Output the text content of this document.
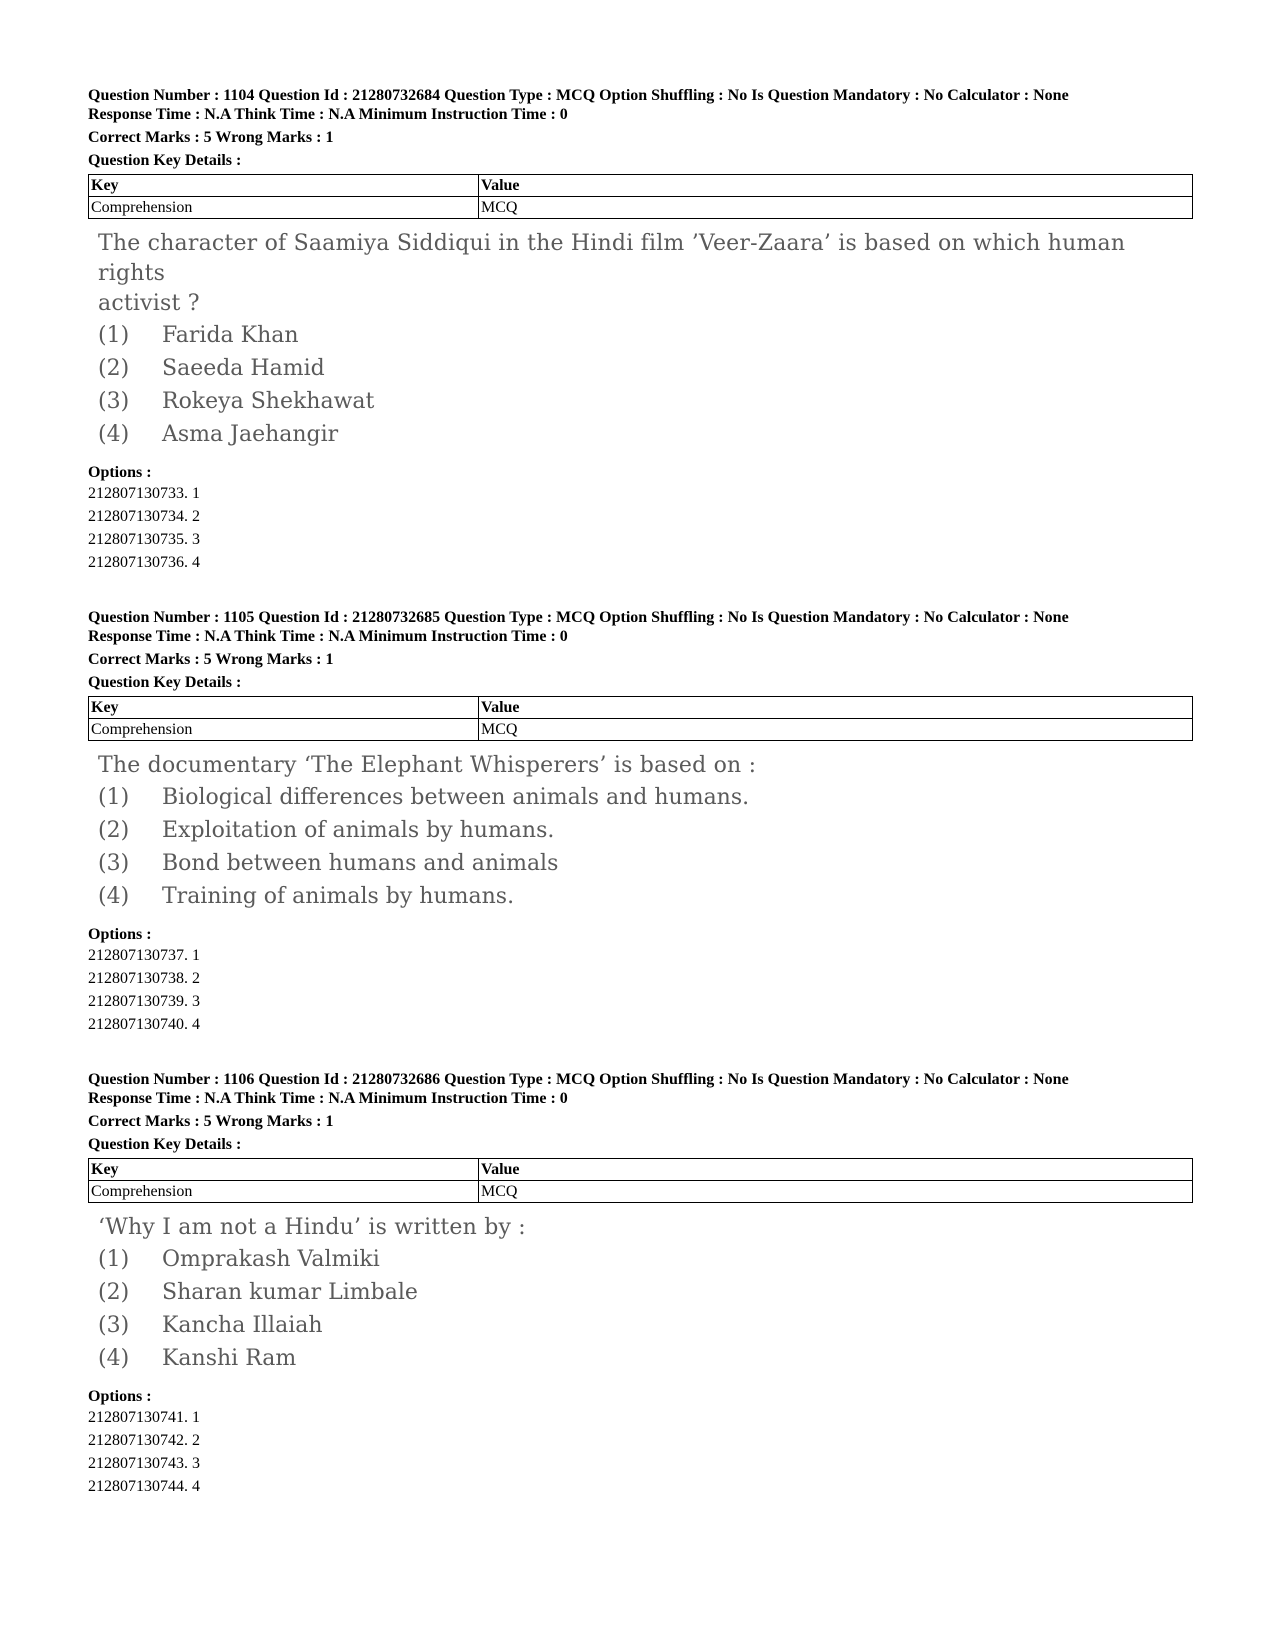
Question Number : 1104 Question Id : 21280732684 Question Type : MCQ Option Shuffling : No Is Question Mandatory : No Calculator : None
Response Time : N.A Think Time : N.A Minimum Instruction Time : 0
Correct Marks : 5 Wrong Marks : 1
Question Key Details :
Key	Value
Comprehension	MCQ
The character of Saamiya Siddiqui in the Hindi film ’Veer-Zaara’ is based on which human rights
activist ?
(1)	Farida Khan
(2)	Saeeda Hamid
(3)	Rokeya Shekhawat
(4)	Asma Jaehangir
Options :
212807130733. 1
212807130734. 2
212807130735. 3
212807130736. 4
Question Number : 1105 Question Id : 21280732685 Question Type : MCQ Option Shuffling : No Is Question Mandatory : No Calculator : None
Response Time : N.A Think Time : N.A Minimum Instruction Time : 0
Correct Marks : 5 Wrong Marks : 1
Question Key Details :
Key	Value
Comprehension	MCQ
The documentary ‘The Elephant Whisperers’ is based on :
(1)	Biological differences between animals and humans.
(2)	Exploitation of animals by humans.
(3)	Bond between humans and animals
(4)	Training of animals by humans.
Options :
212807130737. 1
212807130738. 2
212807130739. 3
212807130740. 4
Question Number : 1106 Question Id : 21280732686 Question Type : MCQ Option Shuffling : No Is Question Mandatory : No Calculator : None
Response Time : N.A Think Time : N.A Minimum Instruction Time : 0
Correct Marks : 5 Wrong Marks : 1
Question Key Details :
Key	Value
Comprehension	MCQ
‘Why I am not a Hindu’ is written by :
(1)	Omprakash Valmiki
(2)	Sharan kumar Limbale
(3)	Kancha Illaiah
(4)	Kanshi Ram
Options :
212807130741. 1
212807130742. 2
212807130743. 3
212807130744. 4
